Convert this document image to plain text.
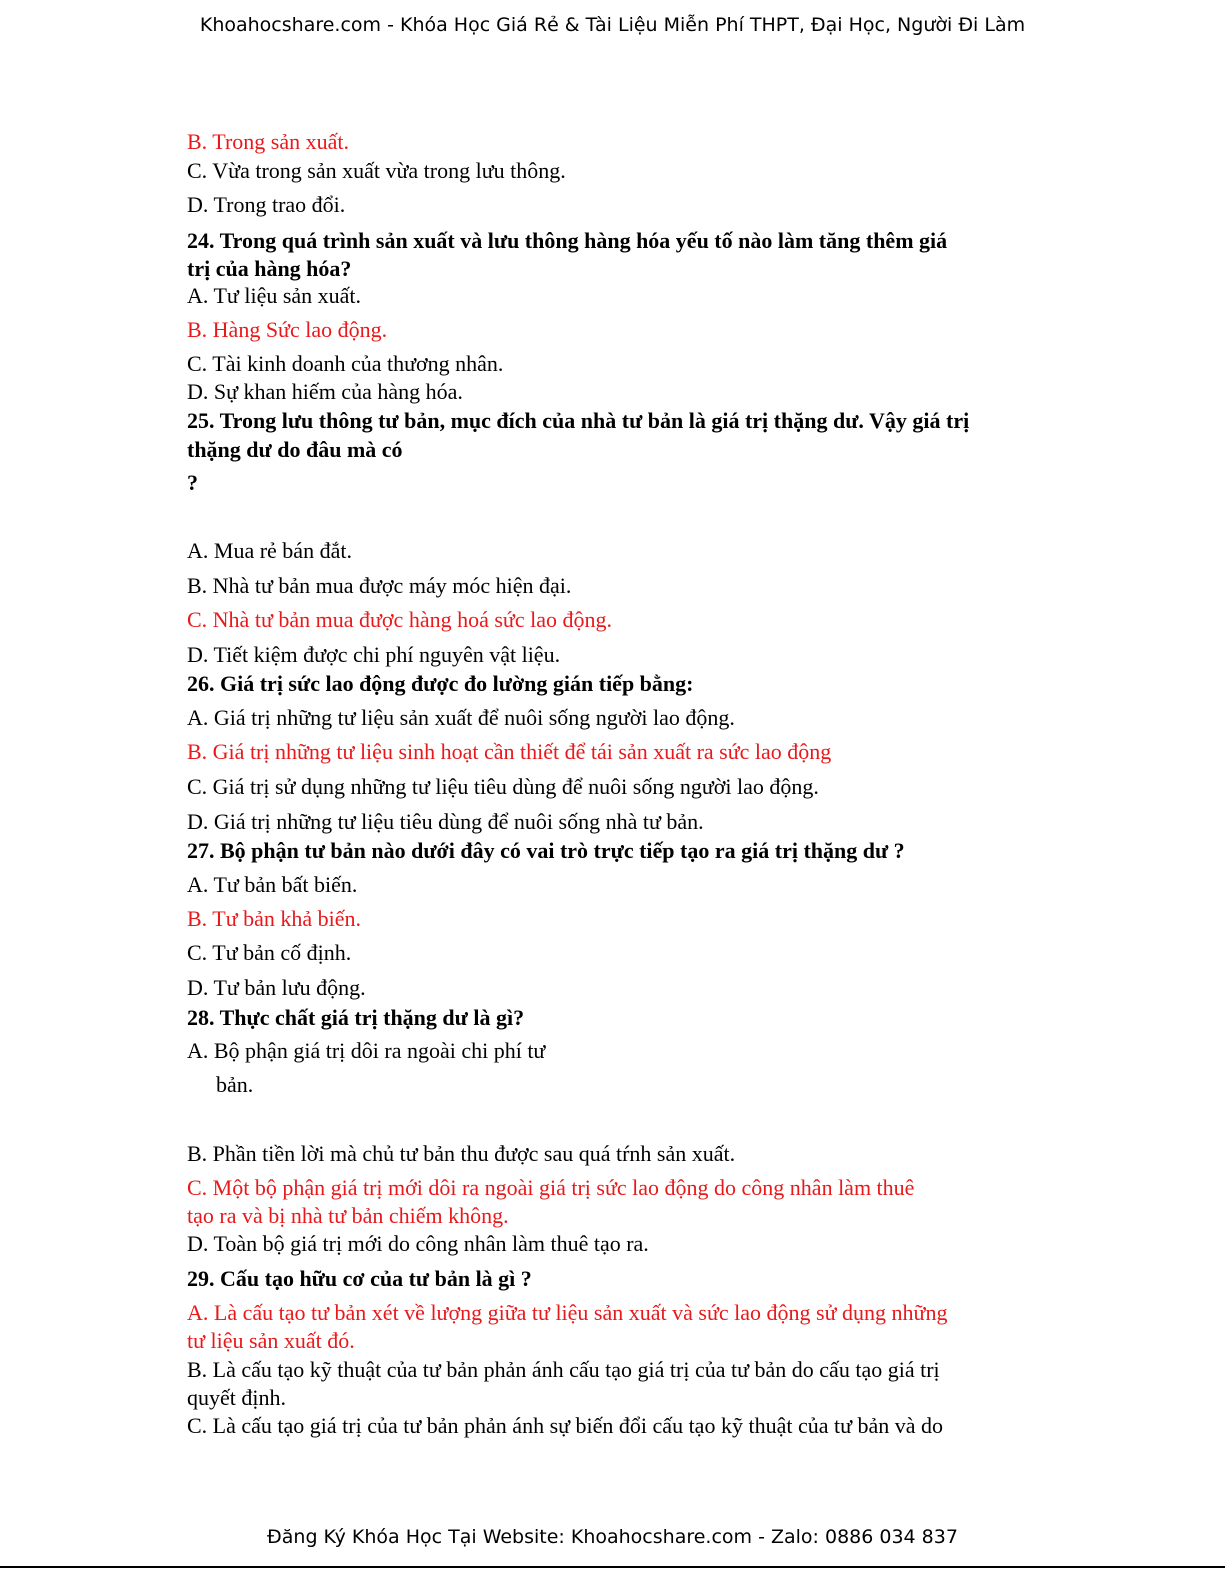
Khoahocshare.com - Khóa Học Giá Rẻ & Tài Liệu Miễn Phí THPT, Đại Học, Người Đi Làm
B. Trong sản xuất.
C. Vừa trong sản xuất vừa trong lưu thông.
D. Trong trao đổi.
24. Trong quá trình sản xuất và lưu thông hàng hóa yếu tố nào làm tăng thêm giá
trị của hàng hóa?
A. Tư liệu sản xuất.
B. Hàng Sức lao động.
C. Tài kinh doanh của thương nhân.
D. Sự khan hiếm của hàng hóa.
25. Trong lưu thông tư bản, mục đích của nhà tư bản là giá trị thặng dư. Vậy giá trị
thặng dư do đâu mà có
?
A. Mua rẻ bán đắt.
B. Nhà tư bản mua được máy móc hiện đại.
C. Nhà tư bản mua được hàng hoá sức lao động.
D. Tiết kiệm được chi phí nguyên vật liệu.
26. Giá trị sức lao động được đo lường gián tiếp bằng:
A. Giá trị những tư liệu sản xuất để nuôi sống người lao động.
B. Giá trị những tư liệu sinh hoạt cần thiết để tái sản xuất ra sức lao động
C. Giá trị sử dụng những tư liệu tiêu dùng để nuôi sống người lao động.
D. Giá trị những tư liệu tiêu dùng để nuôi sống nhà tư bản.
27. Bộ phận tư bản nào dưới đây có vai trò trực tiếp tạo ra giá trị thặng dư ?
A. Tư bản bất biến.
B. Tư bản khả biến.
C. Tư bản cố định.
D. Tư bản lưu động.
28. Thực chất giá trị thặng dư là gì?
A. Bộ phận giá trị dôi ra ngoài chi phí tư
bản.
B. Phần tiền lời mà chủ tư bản thu được sau quá tŕnh sản xuất.
C. Một bộ phận giá trị mới dôi ra ngoài giá trị sức lao động do công nhân làm thuê
tạo ra và bị nhà tư bản chiếm không.
D. Toàn bộ giá trị mới do công nhân làm thuê tạo ra.
29. Cấu tạo hữu cơ của tư bản là gì ?
A. Là cấu tạo tư bản xét về lượng giữa tư liệu sản xuất và sức lao động sử dụng những
tư liệu sản xuất đó.
B. Là cấu tạo kỹ thuật của tư bản phản ánh cấu tạo giá trị của tư bản do cấu tạo giá trị
quyết định.
C. Là cấu tạo giá trị của tư bản phản ánh sự biến đổi cấu tạo kỹ thuật của tư bản và do
Đăng Ký Khóa Học Tại Website: Khoahocshare.com - Zalo: 0886 034 837
